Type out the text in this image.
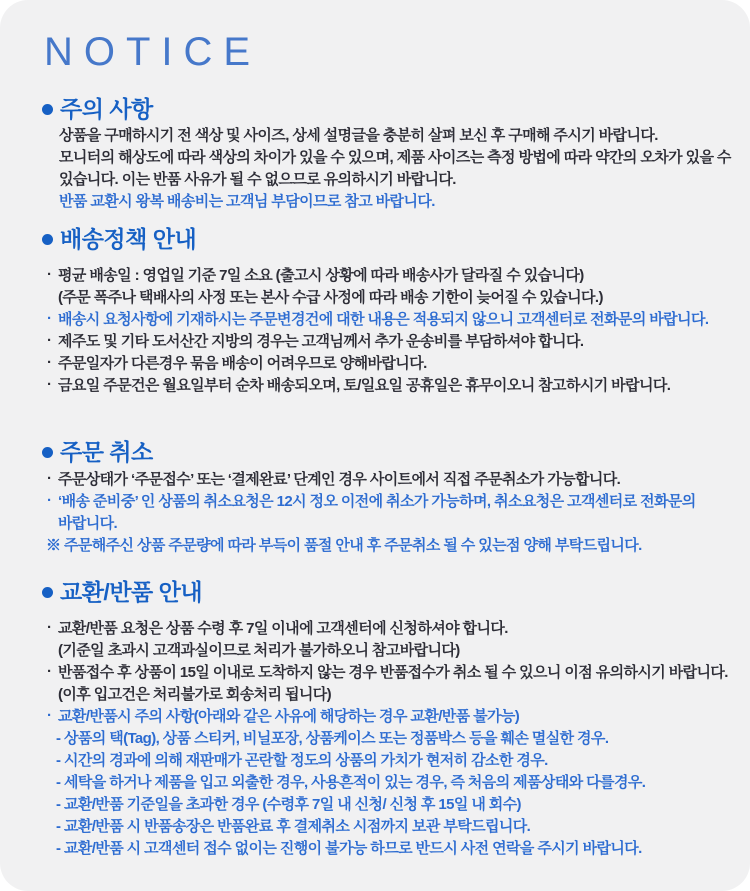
NOTICE
주의 사항
상품을 구매하시기 전 색상 및 사이즈, 상세 설명글을 충분히 살펴 보신 후 구매해 주시기 바랍니다.
모니터의 해상도에 따라 색상의 차이가 있을 수 있으며, 제품 사이즈는 측정 방법에 따라 약간의 오차가 있을 수
있습니다. 이는 반품 사유가 될 수 없으므로 유의하시기 바랍니다.
반품 교환시 왕복 배송비는 고객님 부담이므로 참고 바랍니다.
배송정책 안내
· 평균 배송일 : 영업일 기준 7일 소요 (출고시 상황에 따라 배송사가 달라질 수 있습니다)
(주문 폭주나 택배사의 사정 또는 본사 수급 사정에 따라 배송 기한이 늦어질 수 있습니다.)
· 배송시 요청사항에 기재하시는 주문변경건에 대한 내용은 적용되지 않으니 고객센터로 전화문의 바랍니다.
· 제주도 및 기타 도서산간 지방의 경우는 고객님께서 추가 운송비를 부담하셔야 합니다.
· 주문일자가 다른경우 묶음 배송이 어려우므로 양해바랍니다.
· 금요일 주문건은 월요일부터 순차 배송되오며, 토/일요일 공휴일은 휴무이오니 참고하시기 바랍니다.
주문 취소
· 주문상태가 ‘주문접수’ 또는 ‘결제완료’ 단계인 경우 사이트에서 직접 주문취소가 가능합니다.
· ‘배송 준비중’ 인 상품의 취소요청은 12시 정오 이전에 취소가 가능하며, 취소요청은 고객센터로 전화문의
바랍니다.
※ 주문해주신 상품 주문량에 따라 부득이 품절 안내 후 주문취소 될 수 있는점 양해 부탁드립니다.
교환/반품 안내
· 교환/반품 요청은 상품 수령 후 7일 이내에 고객센터에 신청하셔야 합니다.
(기준일 초과시 고객과실이므로 처리가 불가하오니 참고바랍니다)
· 반품접수 후 상품이 15일 이내로 도착하지 않는 경우 반품접수가 취소 될 수 있으니 이점 유의하시기 바랍니다.
(이후 입고건은 처리불가로 회송처리 됩니다)
· 교환/반품시 주의 사항(아래와 같은 사유에 해당하는 경우 교환/반품 불가능)
- 상품의 택(Tag), 상품 스티커, 비닐포장, 상품케이스 또는 정품박스 등을 훼손 멸실한 경우.
- 시간의 경과에 의해 재판매가 곤란할 정도의 상품의 가치가 현저히 감소한 경우.
- 세탁을 하거나 제품을 입고 외출한 경우, 사용흔적이 있는 경우, 즉 처음의 제품상태와 다를경우.
- 교환/반품 기준일을 초과한 경우 (수령후 7일 내 신청/ 신청 후 15일 내 회수)
- 교환/반품 시 반품송장은 반품완료 후 결제취소 시점까지 보관 부탁드립니다.
- 교환/반품 시 고객센터 접수 없이는 진행이 불가능 하므로 반드시 사전 연락을 주시기 바랍니다.
